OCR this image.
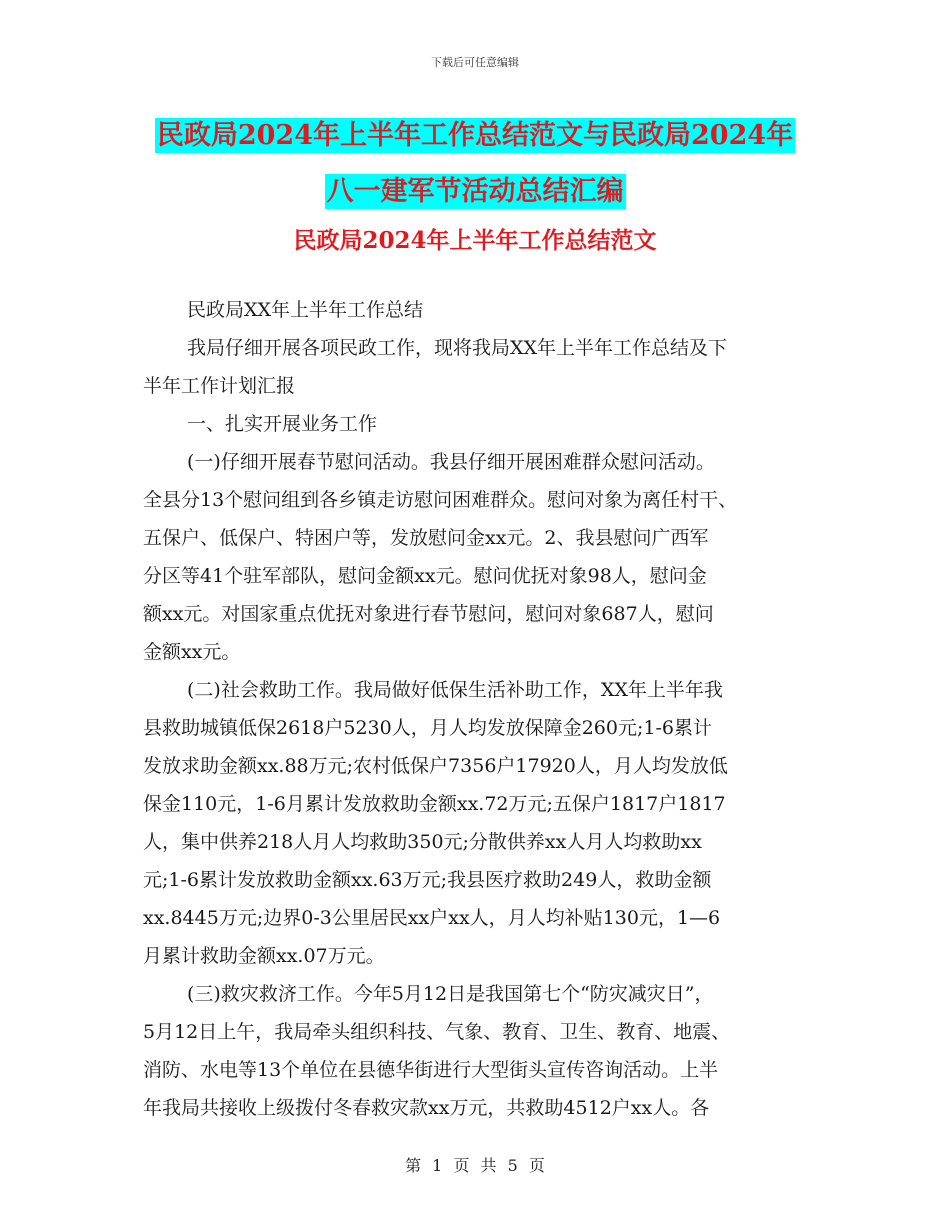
下载后可任意编辑
民政局2024年上半年工作总结范文与民政局2024年
八一建军节活动总结汇编
民政局2024年上半年工作总结范文
民政局XX年上半年工作总结
我局仔细开展各项民政工作，现将我局XX年上半年工作总结及下
半年工作计划汇报
一、扎实开展业务工作
(一)仔细开展春节慰问活动。我县仔细开展困难群众慰问活动。
全县分13个慰问组到各乡镇走访慰问困难群众。慰问对象为离任村干、
五保户、低保户、特困户等，发放慰问金xx元。2、我县慰问广西军
分区等41个驻军部队，慰问金额xx元。慰问优抚对象98人，慰问金
额xx元。对国家重点优抚对象进行春节慰问，慰问对象687人，慰问
金额xx元。
(二)社会救助工作。我局做好低保生活补助工作，XX年上半年我
县救助城镇低保2618户5230人，月人均发放保障金260元;1-6累计
发放求助金额xx.88万元;农村低保户7356户17920人，月人均发放低
保金110元，1-6月累计发放救助金额xx.72万元;五保户1817户1817
人，集中供养218人月人均救助350元;分散供养xx人月人均救助xx
元;1-6累计发放救助金额xx.63万元;我县医疗救助249人，救助金额
xx.8445万元;边界0-3公里居民xx户xx人，月人均补贴130元，1—6
月累计救助金额xx.07万元。
(三)救灾救济工作。今年5月12日是我国第七个“防灾减灾日”，
5月12日上午，我局牵头组织科技、气象、教育、卫生、教育、地震、
消防、水电等13个单位在县德华街进行大型街头宣传咨询活动。上半
年我局共接收上级拨付冬春救灾款xx万元，共救助4512户xx人。各
第 1 页 共 5 页
